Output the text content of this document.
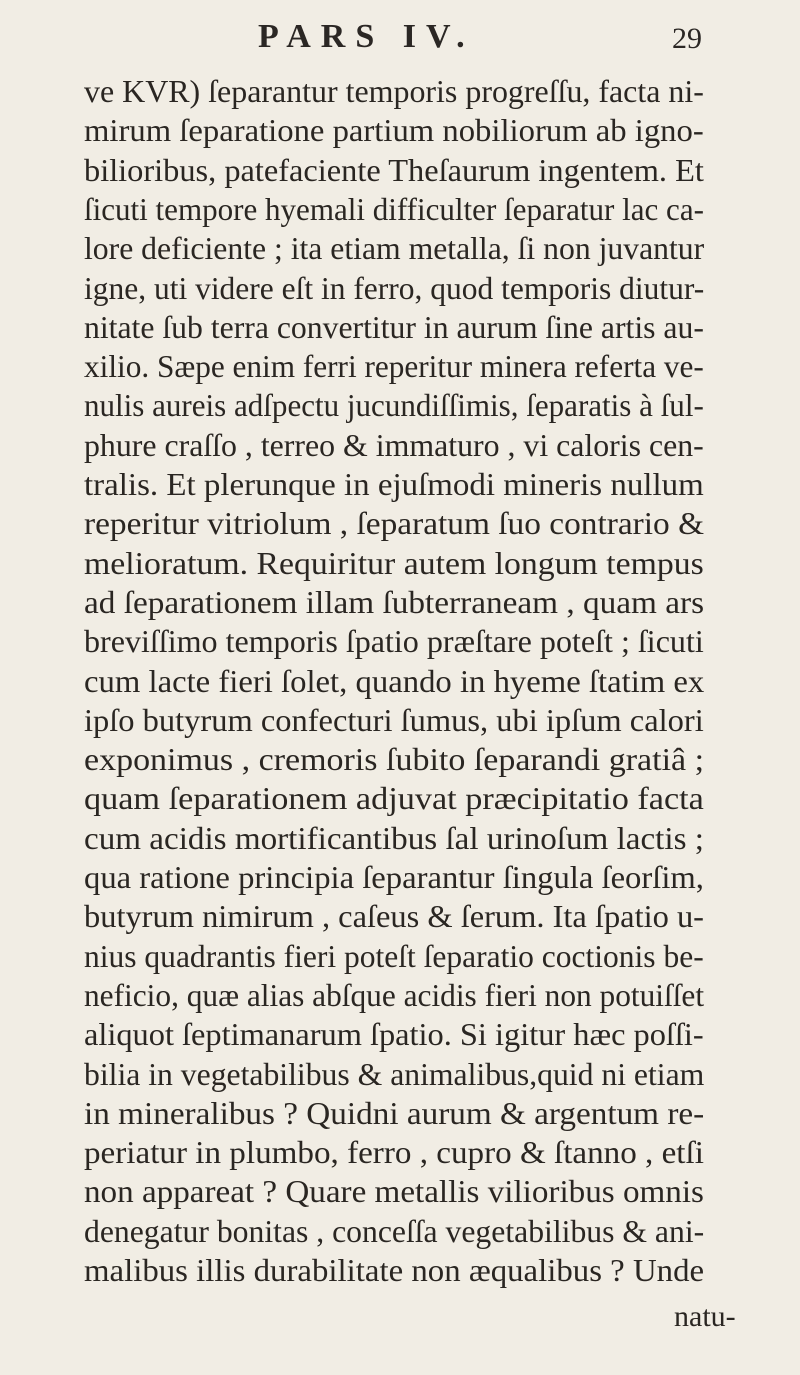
PARS IV.	29
ve KVR) ſeparantur temporis progreſſu, facta ni-
mirum ſeparatione partium nobiliorum ab igno-
bilioribus, patefaciente Theſaurum ingentem. Et
ſicuti tempore hyemali difficulter ſeparatur lac ca-
lore deficiente ; ita etiam metalla, ſi non juvantur
igne, uti videre eſt in ferro, quod temporis diutur-
nitate ſub terra convertitur in aurum ſine artis au-
xilio. Sæpe enim ferri reperitur minera referta ve-
nulis aureis adſpectu jucundiſſimis, ſeparatis à ſul-
phure craſſo , terreo & immaturo , vi caloris cen-
tralis. Et plerunque in ejuſmodi mineris nullum
reperitur vitriolum , ſeparatum ſuo contrario &
melioratum. Requiritur autem longum tempus
ad ſeparationem illam ſubterraneam , quam ars
breviſſimo temporis ſpatio præſtare poteſt ; ſicuti
cum lacte fieri ſolet, quando in hyeme ſtatim ex
ipſo butyrum confecturi ſumus, ubi ipſum calori
exponimus , cremoris ſubito ſeparandi gratiâ ;
quam ſeparationem adjuvat præcipitatio facta
cum acidis mortificantibus ſal urinoſum lactis ;
qua ratione principia ſeparantur ſingula ſeorſim,
butyrum nimirum , caſeus & ſerum. Ita ſpatio u-
nius quadrantis fieri poteſt ſeparatio coctionis be-
neficio, quæ alias abſque acidis fieri non potuiſſet
aliquot ſeptimanarum ſpatio. Si igitur hæc poſſi-
bilia in vegetabilibus & animalibus,quid ni etiam
in mineralibus ? Quidni aurum & argentum re-
periatur in plumbo, ferro , cupro & ſtanno , etſi
non appareat ? Quare metallis vilioribus omnis
denegatur bonitas , conceſſa vegetabilibus & ani-
malibus illis durabilitate non æqualibus ? Unde
natu-
